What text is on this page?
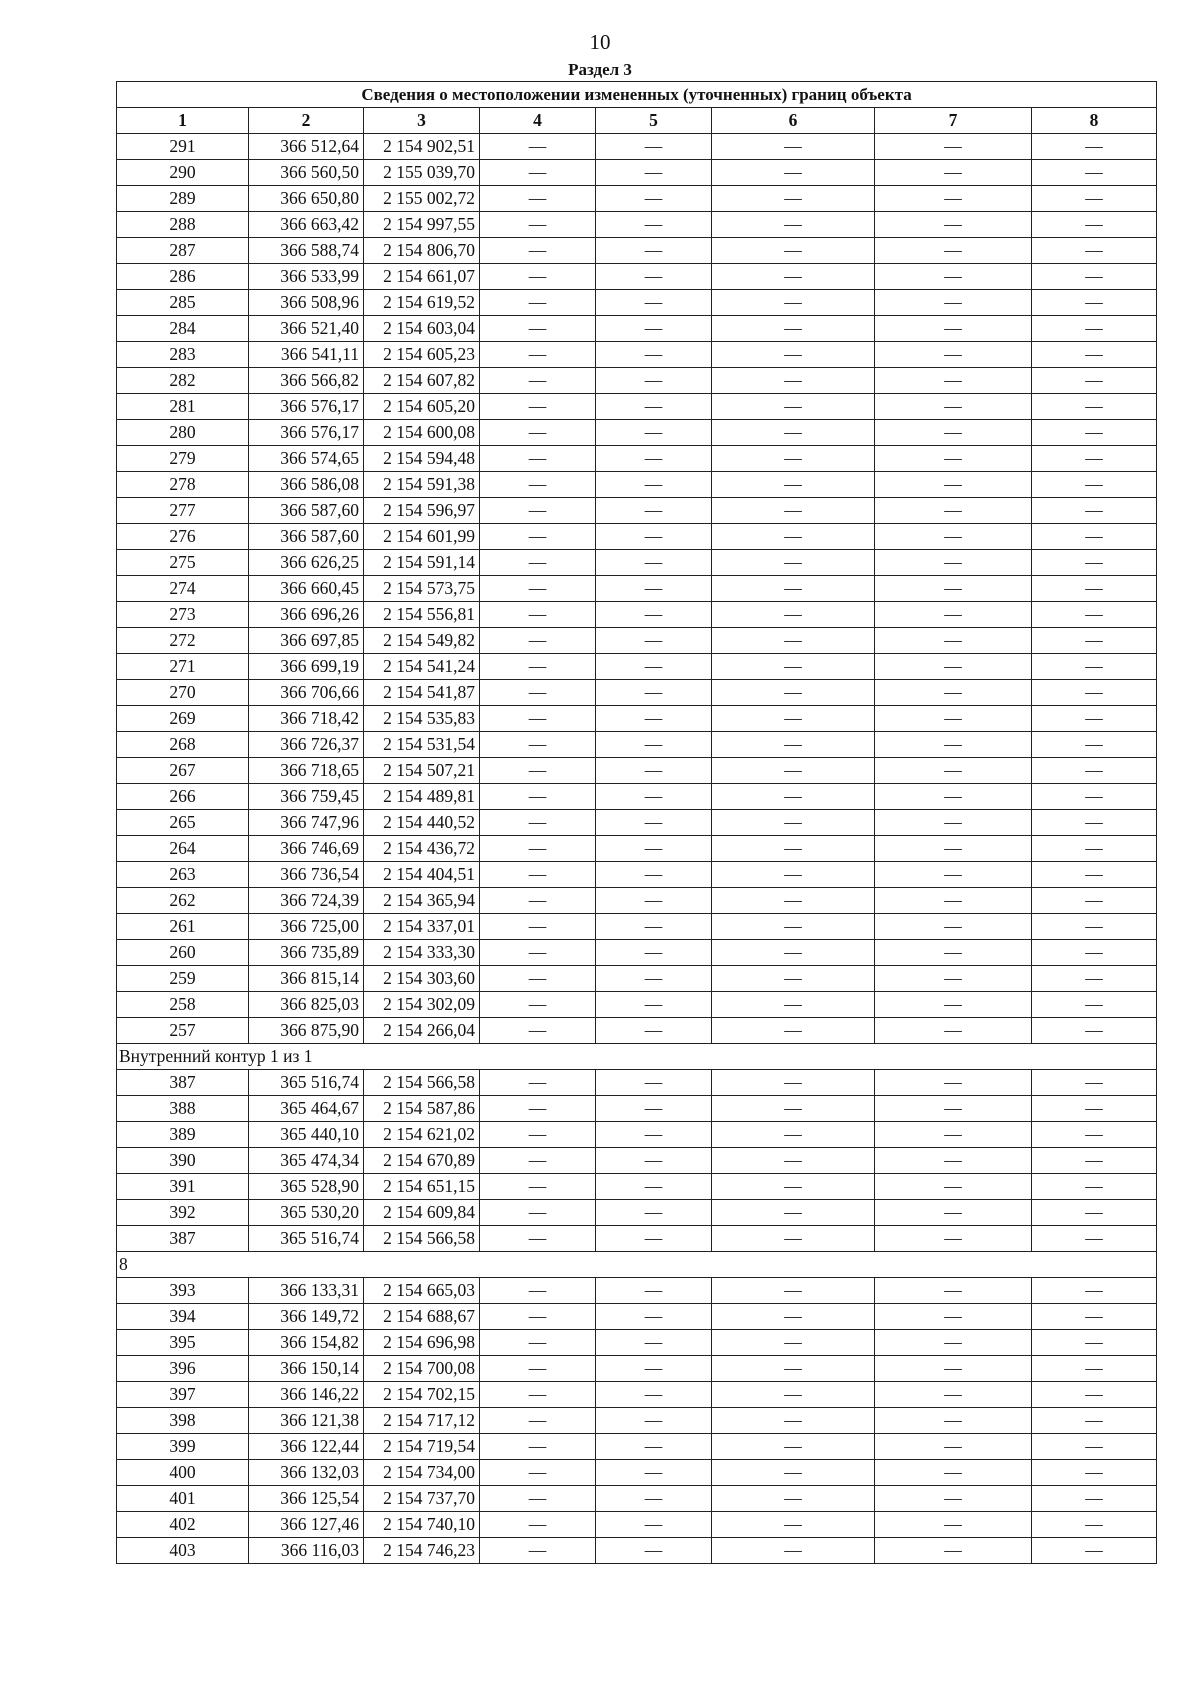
10
Раздел 3
Сведения о местоположении измененных (уточненных) границ объекта							
1	2	3	4	5	6	7	8
291	366 512,64	2 154 902,51	—	—	—	—	—
290	366 560,50	2 155 039,70	—	—	—	—	—
289	366 650,80	2 155 002,72	—	—	—	—	—
288	366 663,42	2 154 997,55	—	—	—	—	—
287	366 588,74	2 154 806,70	—	—	—	—	—
286	366 533,99	2 154 661,07	—	—	—	—	—
285	366 508,96	2 154 619,52	—	—	—	—	—
284	366 521,40	2 154 603,04	—	—	—	—	—
283	366 541,11	2 154 605,23	—	—	—	—	—
282	366 566,82	2 154 607,82	—	—	—	—	—
281	366 576,17	2 154 605,20	—	—	—	—	—
280	366 576,17	2 154 600,08	—	—	—	—	—
279	366 574,65	2 154 594,48	—	—	—	—	—
278	366 586,08	2 154 591,38	—	—	—	—	—
277	366 587,60	2 154 596,97	—	—	—	—	—
276	366 587,60	2 154 601,99	—	—	—	—	—
275	366 626,25	2 154 591,14	—	—	—	—	—
274	366 660,45	2 154 573,75	—	—	—	—	—
273	366 696,26	2 154 556,81	—	—	—	—	—
272	366 697,85	2 154 549,82	—	—	—	—	—
271	366 699,19	2 154 541,24	—	—	—	—	—
270	366 706,66	2 154 541,87	—	—	—	—	—
269	366 718,42	2 154 535,83	—	—	—	—	—
268	366 726,37	2 154 531,54	—	—	—	—	—
267	366 718,65	2 154 507,21	—	—	—	—	—
266	366 759,45	2 154 489,81	—	—	—	—	—
265	366 747,96	2 154 440,52	—	—	—	—	—
264	366 746,69	2 154 436,72	—	—	—	—	—
263	366 736,54	2 154 404,51	—	—	—	—	—
262	366 724,39	2 154 365,94	—	—	—	—	—
261	366 725,00	2 154 337,01	—	—	—	—	—
260	366 735,89	2 154 333,30	—	—	—	—	—
259	366 815,14	2 154 303,60	—	—	—	—	—
258	366 825,03	2 154 302,09	—	—	—	—	—
257	366 875,90	2 154 266,04	—	—	—	—	—
Внутренний контур 1 из 1							
387	365 516,74	2 154 566,58	—	—	—	—	—
388	365 464,67	2 154 587,86	—	—	—	—	—
389	365 440,10	2 154 621,02	—	—	—	—	—
390	365 474,34	2 154 670,89	—	—	—	—	—
391	365 528,90	2 154 651,15	—	—	—	—	—
392	365 530,20	2 154 609,84	—	—	—	—	—
387	365 516,74	2 154 566,58	—	—	—	—	—
8							
393	366 133,31	2 154 665,03	—	—	—	—	—
394	366 149,72	2 154 688,67	—	—	—	—	—
395	366 154,82	2 154 696,98	—	—	—	—	—
396	366 150,14	2 154 700,08	—	—	—	—	—
397	366 146,22	2 154 702,15	—	—	—	—	—
398	366 121,38	2 154 717,12	—	—	—	—	—
399	366 122,44	2 154 719,54	—	—	—	—	—
400	366 132,03	2 154 734,00	—	—	—	—	—
401	366 125,54	2 154 737,70	—	—	—	—	—
402	366 127,46	2 154 740,10	—	—	—	—	—
403	366 116,03	2 154 746,23	—	—	—	—	—
